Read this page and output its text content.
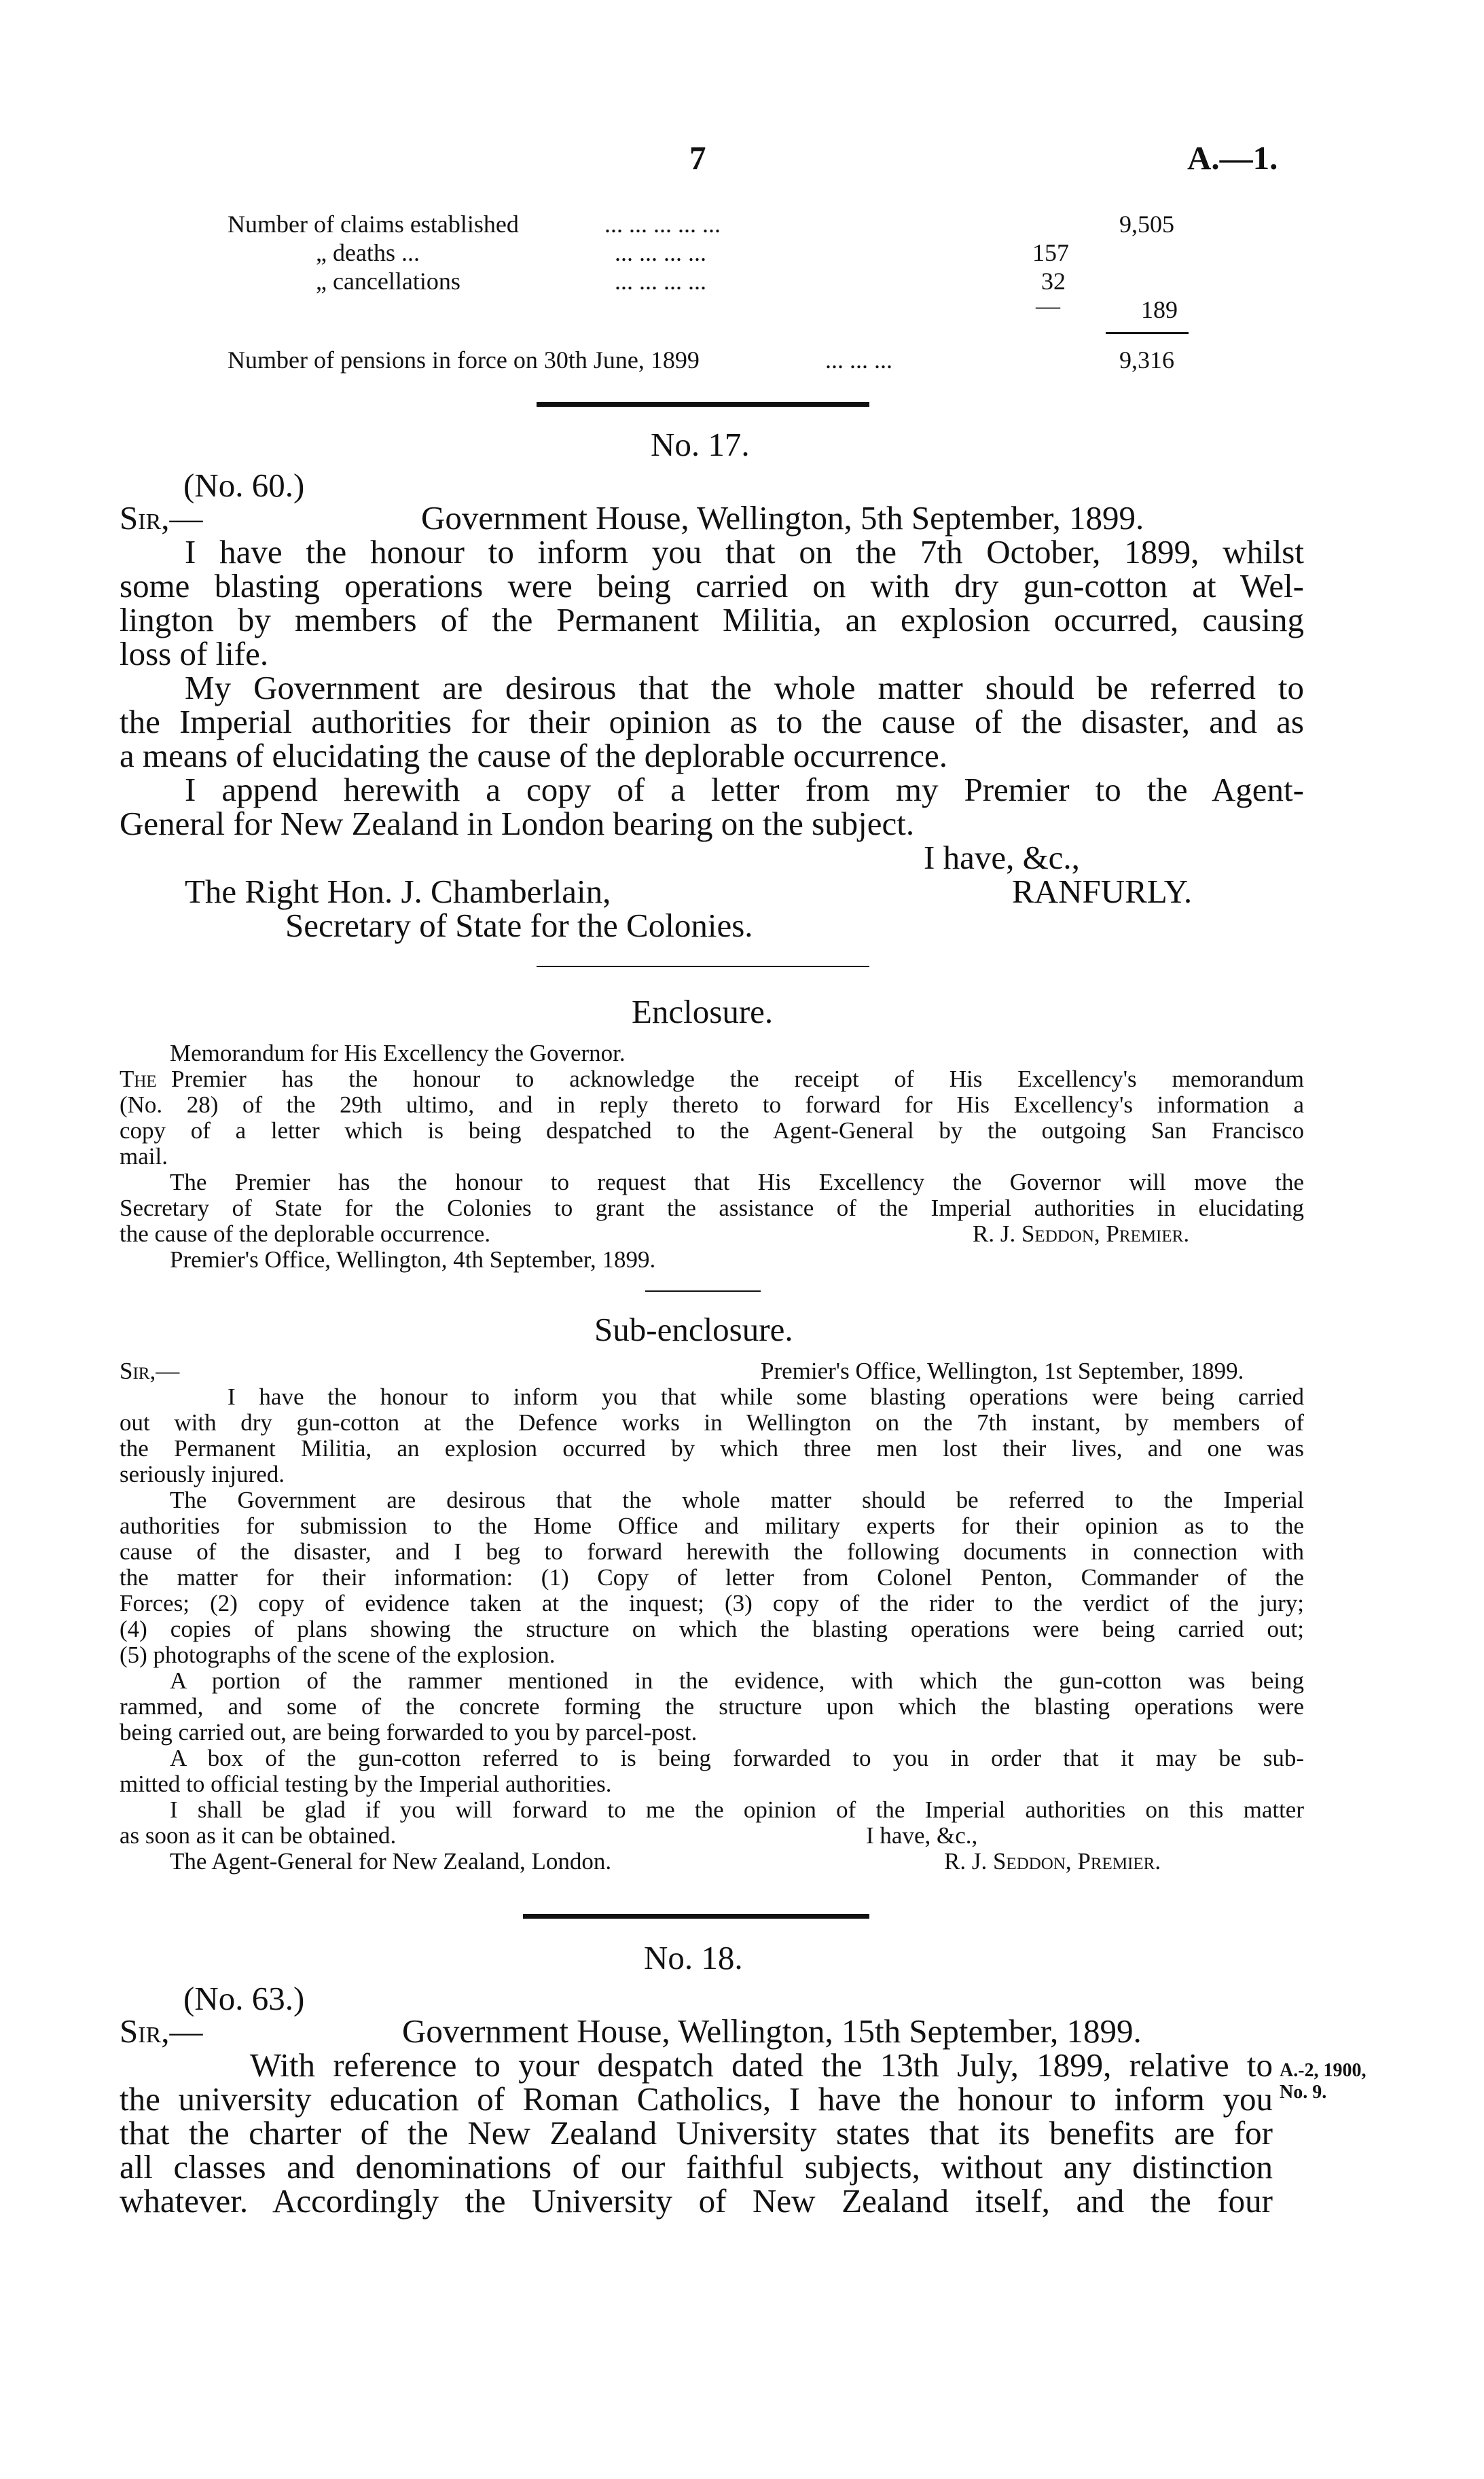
7	A.—1.
Number of claims established	... ... ... ... ...	9,505
„ deaths ...	... ... ... ...	157
„ cancellations	... ... ... ...	32
—	189
Number of pensions in force on 30th June, 1899	... ... ...	9,316
No. 17.
(No. 60.)
Sir,—	Government House, Wellington, 5th September, 1899.
I have the honour to inform you that on the 7th October, 1899, whilst
some blasting operations were being carried on with dry gun-cotton at Wel-
lington by members of the Permanent Militia, an explosion occurred, causing
loss of life.
My Government are desirous that the whole matter should be referred to
the Imperial authorities for their opinion as to the cause of the disaster, and as
a means of elucidating the cause of the deplorable occurrence.
I append herewith a copy of a letter from my Premier to the Agent-
General for New Zealand in London bearing on the subject.
I have, &c.,
The Right Hon. J. Chamberlain,	RANFURLY.
Secretary of State for the Colonies.
Enclosure.
Memorandum for His Excellency the Governor.
The Premier has the honour to acknowledge the receipt of His Excellency's memorandum
(No. 28) of the 29th ultimo, and in reply thereto to forward for His Excellency's information a
copy of a letter which is being despatched to the Agent-General by the outgoing San Francisco
mail.
The Premier has the honour to request that His Excellency the Governor will move the
Secretary of State for the Colonies to grant the assistance of the Imperial authorities in elucidating
the cause of the deplorable occurrence.	R. J. Seddon, Premier.
Premier's Office, Wellington, 4th September, 1899.
Sub-enclosure.
Sir,—	Premier's Office, Wellington, 1st September, 1899.
I have the honour to inform you that while some blasting operations were being carried
out with dry gun-cotton at the Defence works in Wellington on the 7th instant, by members of
the Permanent Militia, an explosion occurred by which three men lost their lives, and one was
seriously injured.
The Government are desirous that the whole matter should be referred to the Imperial
authorities for submission to the Home Office and military experts for their opinion as to the
cause of the disaster, and I beg to forward herewith the following documents in connection with
the matter for their information: (1) Copy of letter from Colonel Penton, Commander of the
Forces; (2) copy of evidence taken at the inquest; (3) copy of the rider to the verdict of the jury;
(4) copies of plans showing the structure on which the blasting operations were being carried out;
(5) photographs of the scene of the explosion.
A portion of the rammer mentioned in the evidence, with which the gun-cotton was being
rammed, and some of the concrete forming the structure upon which the blasting operations were
being carried out, are being forwarded to you by parcel-post.
A box of the gun-cotton referred to is being forwarded to you in order that it may be sub-
mitted to official testing by the Imperial authorities.
I shall be glad if you will forward to me the opinion of the Imperial authorities on this matter
as soon as it can be obtained.	I have, &c.,
The Agent-General for New Zealand, London.	R. J. Seddon, Premier.
No. 18.
(No. 63.)
Sir,—	Government House, Wellington, 15th September, 1899.
With reference to your despatch dated the 13th July, 1899, relative to
the university education of Roman Catholics, I have the honour to inform you
that the charter of the New Zealand University states that its benefits are for
all classes and denominations of our faithful subjects, without any distinction
whatever. Accordingly the University of New Zealand itself, and the four
A.-2, 1900,
No. 9.
